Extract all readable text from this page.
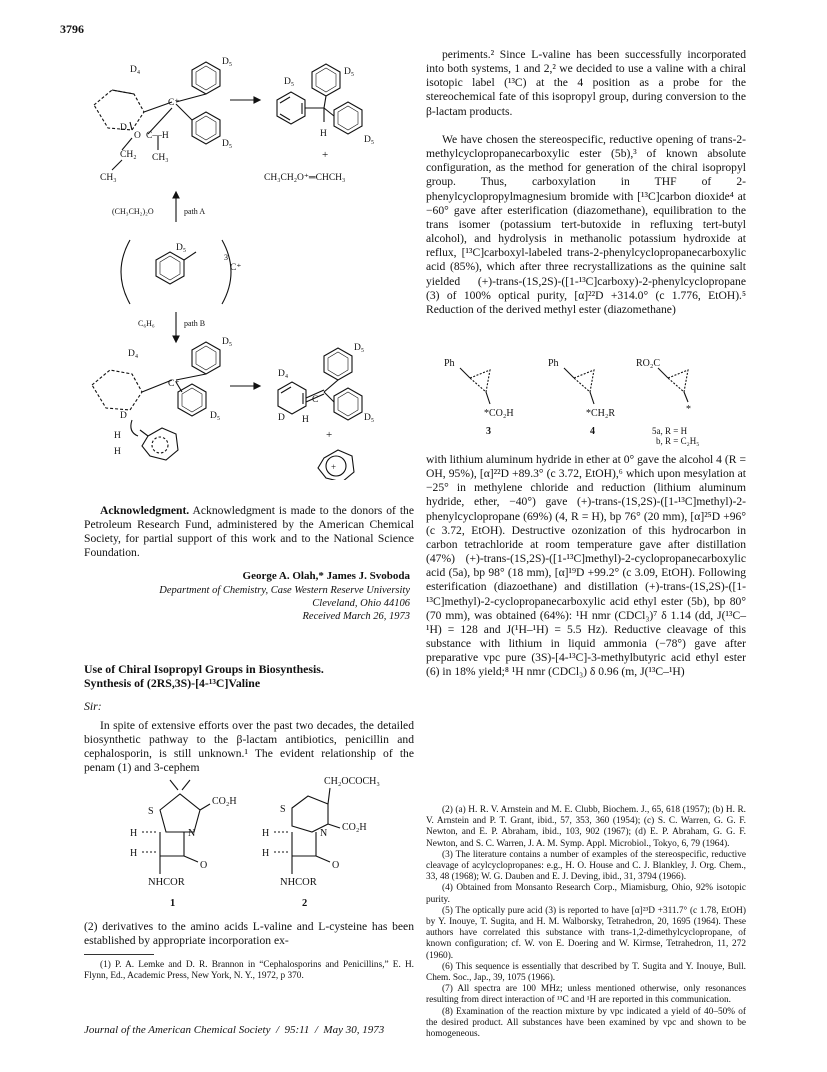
3796
D₄
D₅
C⁺
D₅
D
O C—H
CH₂ CH₃
CH₃
D₅
D₅
H
D₅
+
CH₃CH₂O⁺═CHCH₃
(CH₃CH₂)₂O	path A
D₅
3
C⁺
C₆H₆	path B
D₄
D₅
D₅
C⁺
D
H
H
D₄
C
D₅
D₅
D H
+
+

Acknowledgment. Acknowledgment is made to the donors of the Petroleum Research Fund, administered by the American Chemical Society, for partial support of this work and to the National Science Foundation.

George A. Olah,* James J. Svoboda
Department of Chemistry, Case Western Reserve University
Cleveland, Ohio 44106
Received March 26, 1973
Use of Chiral Isopropyl Groups in Biosynthesis.
Synthesis of (2RS,3S)-[4-¹³C]Valine
Sir:

In spite of extensive efforts over the past two decades, the detailed biosynthetic pathway to the β-lactam antibiotics, penicillin and cephalosporin, is still unknown.¹ The evident relationship of the penam (1) and 3-cephem

S
CO₂H
H
H
N
O
S
CH₂OCOCH₃
CO₂H
H
H
N
O
NHCOR	NHCOR
1	2

(2) derivatives to the amino acids L-valine and L-cysteine has been established by appropriate incorporation ex-

(1) P. A. Lemke and D. R. Brannon in “Cephalosporins and Penicillins,” E. H. Flynn, Ed., Academic Press, New York, N. Y., 1972, p 370.

periments.² Since L-valine has been successfully incorporated into both systems, 1 and 2,² we decided to use a valine with a chiral isotopic label (¹³C) at the 4 position as a probe for the stereochemical fate of this isopropyl group, during conversion to the β-lactam products.

We have chosen the stereospecific, reductive opening of trans-2-methylcyclopropanecarboxylic ester (5b),³ of known absolute configuration, as the method for generation of the chiral isopropyl group. Thus, carboxylation in THF of 2-phenylcyclopropylmagnesium bromide with [¹³C]carbon dioxide⁴ at −60° gave after esterification (diazomethane), equilibration to the trans isomer (potassium tert-butoxide in refluxing tert-butyl alcohol), and hydrolysis in methanolic potassium hydroxide at reflux, [¹³C]carboxyl-labeled trans-2-phenylcyclopropanecarboxylic acid (85%), which after three recrystallizations as the quinine salt yielded (+)-trans-(1S,2S)-([1-¹³C]carboxy)-2-phenylcyclopropane (3) of 100% optical purity, [α]²²D +314.0° (c 1.776, EtOH).⁵ Reduction of the derived methyl ester (diazomethane)

Ph
*CO₂H
Ph
*CH₂R
RO₂C
*
3	4	5a, R = H
b, R = C₂H₅

with lithium aluminum hydride in ether at 0° gave the alcohol 4 (R = OH, 95%), [α]²²D +89.3° (c 3.72, EtOH),⁶ which upon mesylation at −25° in methylene chloride and reduction (lithium aluminum hydride, ether, −40°) gave (+)-trans-(1S,2S)-([1-¹³C]methyl)-2-phenylcyclopropane (69%) (4, R = H), bp 76° (20 mm), [α]²⁵D +96° (c 3.72, EtOH). Destructive ozonization of this hydrocarbon in carbon tetrachloride at room temperature gave after distillation (47%) (+)-trans-(1S,2S)-([1-¹³C]methyl)-2-cyclopropanecarboxylic acid (5a), bp 98° (18 mm), [α]¹⁹D +99.2° (c 3.09, EtOH). Following esterification (diazoethane) and distillation (+)-trans-(1S,2S)-([1-¹³C]methyl)-2-cyclopropanecarboxylic acid ethyl ester (5b), bp 80° (70 mm), was obtained (64%): ¹H nmr (CDCl₃)⁷ δ 1.14 (dd, J(¹³C–¹H) = 128 and J(¹H–¹H) = 5.5 Hz). Reductive cleavage of this substance with lithium in liquid ammonia (−78°) gave after preparative vpc pure (3S)-[4-¹³C]-3-methylbutyric acid ethyl ester (6) in 18% yield;⁸ ¹H nmr (CDCl₃) δ 0.96 (m, J(¹³C–¹H)

(2) (a) H. R. V. Arnstein and M. E. Clubb, Biochem. J., 65, 618 (1957); (b) H. R. V. Arnstein and P. T. Grant, ibid., 57, 353, 360 (1954); (c) S. C. Warren, G. G. F. Newton, and E. P. Abraham, ibid., 103, 902 (1967); (d) E. P. Abraham, G. G. F. Newton, and S. C. Warren, J. A. M. Symp. Appl. Microbiol., Tokyo, 6, 79 (1964).

(3) The literature contains a number of examples of the stereospecific, reductive cleavage of acylcyclopropanes: e.g., H. O. House and C. J. Blankley, J. Org. Chem., 33, 48 (1968); W. G. Dauben and E. J. Deving, ibid., 31, 3794 (1966).

(4) Obtained from Monsanto Research Corp., Miamisburg, Ohio, 92% isotopic purity.

(5) The optically pure acid (3) is reported to have [α]²³D +311.7° (c 1.78, EtOH) by Y. Inouye, T. Sugita, and H. M. Walborsky, Tetrahedron, 20, 1695 (1964). These authors have correlated this substance with trans-1,2-dimethylcyclopropane, of known configuration; cf. W. von E. Doering and W. Kirmse, Tetrahedron, 11, 272 (1960).

(6) This sequence is essentially that described by T. Sugita and Y. Inouye, Bull. Chem. Soc., Jap., 39, 1075 (1966).

(7) All spectra are 100 MHz; unless mentioned otherwise, only resonances resulting from direct interaction of ¹³C and ¹H are reported in this communication.

(8) Examination of the reaction mixture by vpc indicated a yield of 40–50% of the desired product. All substances have been examined by vpc and shown to be homogeneous.

Journal of the American Chemical Society  /  95:11  /  May 30, 1973
